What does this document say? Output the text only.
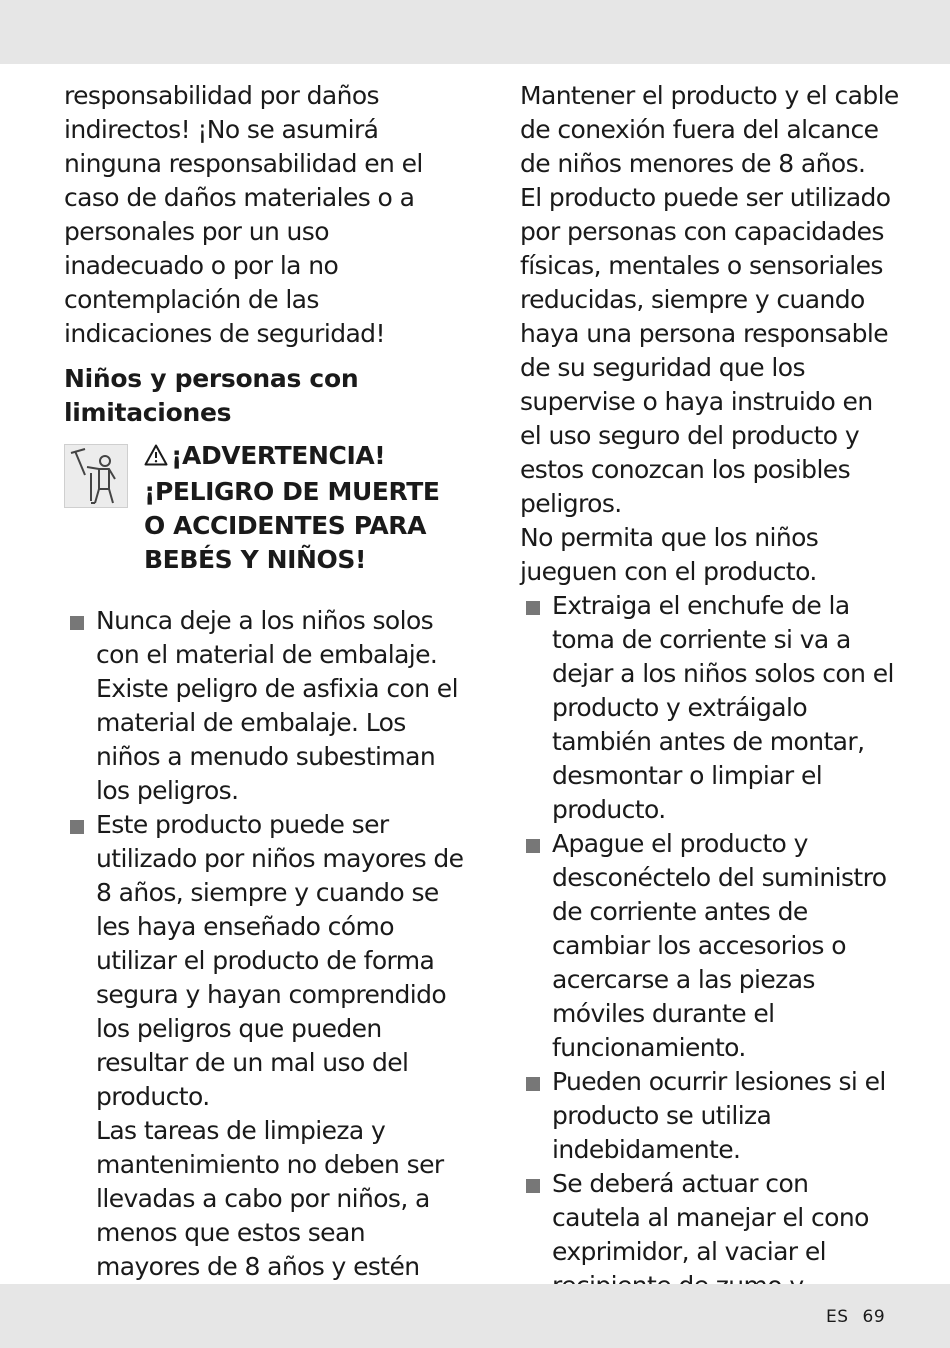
responsabilidad por daños indirectos! ¡No se asumirá ninguna responsabilidad en el caso de daños materiales o a personales por un uso inadecuado o por la no contemplación de las indicaciones de seguridad!

Niños y personas con limitaciones

¡ADVERTENCIA!
¡PELIGRO DE MUERTE O ACCIDENTES PARA BEBÉS Y NIÑOS!

Nunca deje a los niños solos con el material de embalaje. Existe peligro de asfixia con el material de embalaje. Los niños a menudo subestiman los peligros.

Este producto puede ser utilizado por niños mayores de 8 años, siempre y cuando se les haya enseñado cómo utilizar el producto de forma segura y hayan comprendido los peligros que pueden resultar de un mal uso del producto.

Las tareas de limpieza y mantenimiento no deben ser llevadas a cabo por niños, a menos que estos sean mayores de 8 años y estén

Mantener el producto y el cable de conexión fuera del alcance de niños menores de 8 años.

El producto puede ser utilizado por personas con capacidades físicas, mentales o sensoriales reducidas, siempre y cuando haya una persona responsable de su seguridad que los supervise o haya instruido en el uso seguro del producto y estos conozcan los posibles peligros.

No permita que los niños jueguen con el producto.

Extraiga el enchufe de la toma de corriente si va a dejar a los niños solos con el producto y extráigalo también antes de montar, desmontar o limpiar el producto.

Apague el producto y desconéctelo del suministro de corriente antes de cambiar los accesorios o acercarse a las piezas móviles durante el funcionamiento.

Pueden ocurrir lesiones si el producto se utiliza indebidamente.

Se deberá actuar con cautela al manejar el cono exprimidor, al vaciar el

ES 69
